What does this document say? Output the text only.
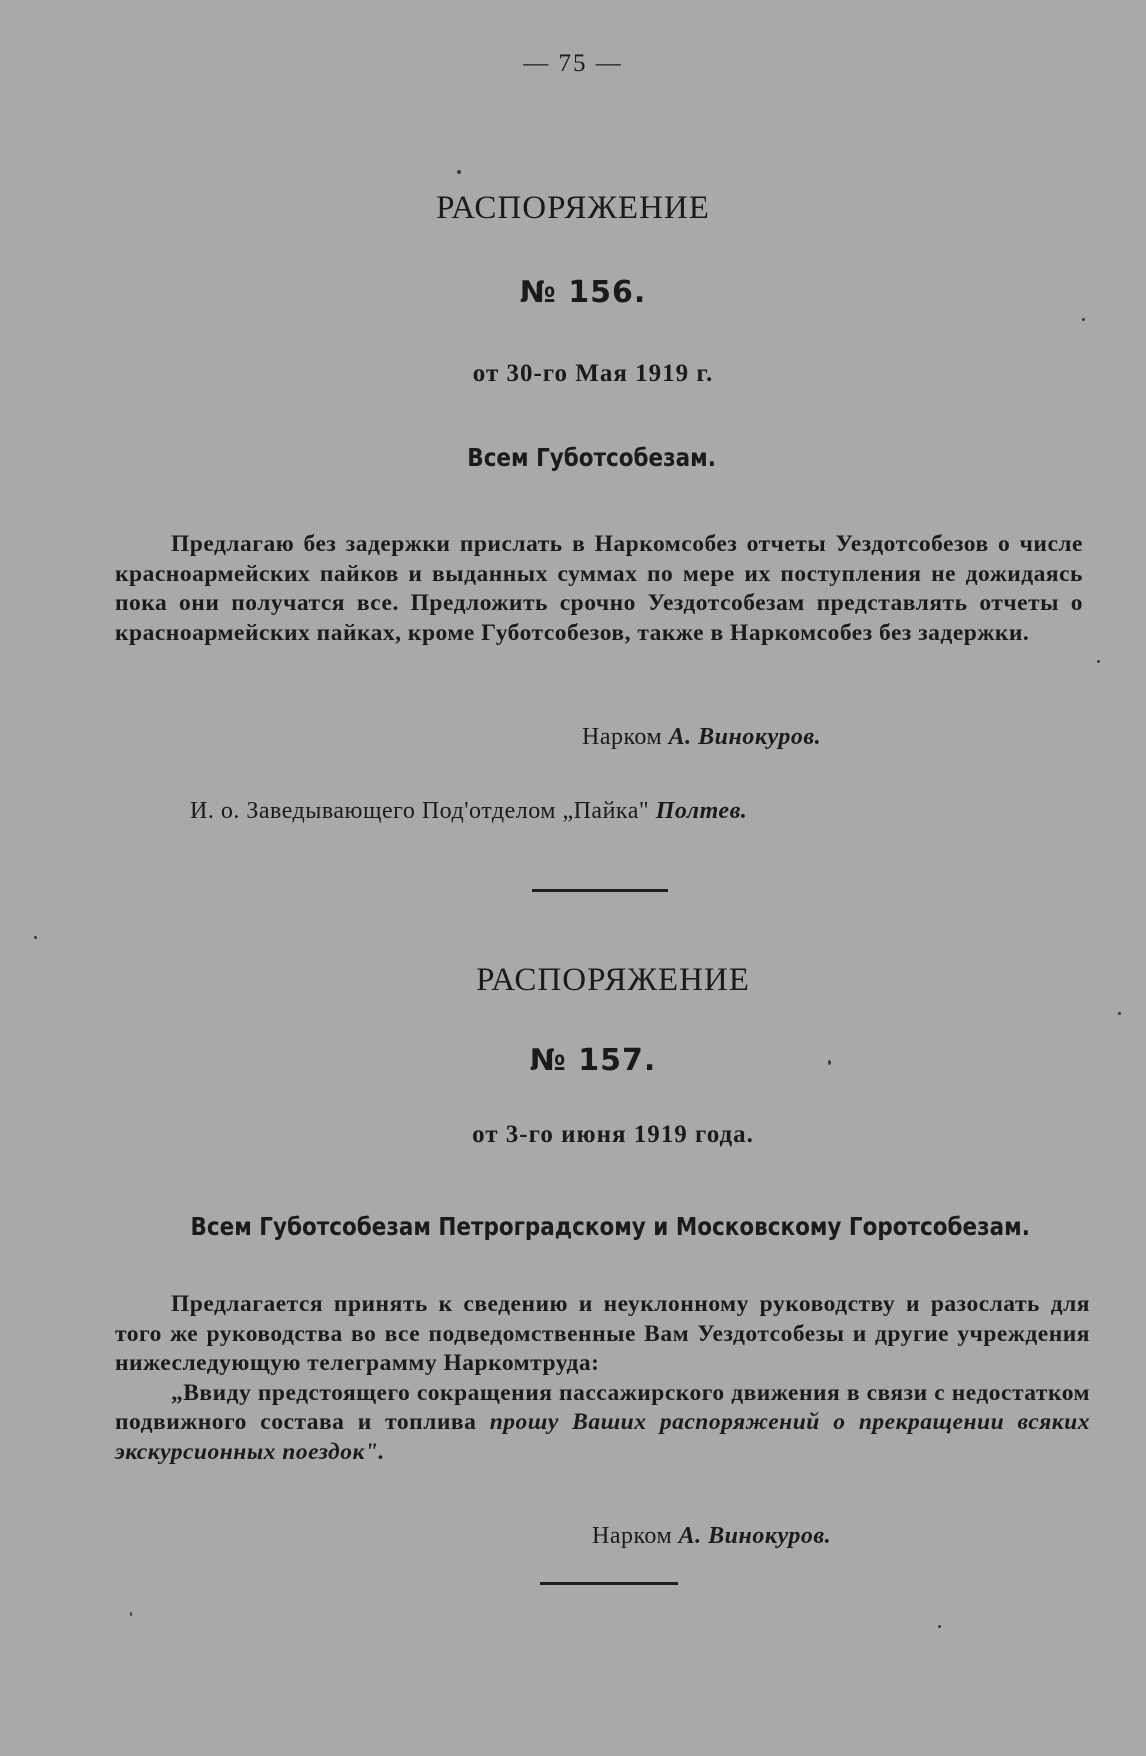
— 75 —
РАСПОРЯЖЕНИЕ
№ 156.
от 30-го Мая 1919 г.
Всем Губотсобезам.

Предлагаю без задержки прислать в Наркомсобез отчеты Уездотсобезов о числе красноармейских пайков и выданных суммах по мере их поступления не дожидаясь пока они получатся все. Предложить срочно Уездотсобезам представлять отчеты о красноармейских пайках, кроме Губотсобезов, также в Наркомсобез без задержки.

Нарком А. Винокуров.
И. о. Заведывающего Под'отделом „Пайка" Полтев.
РАСПОРЯЖЕНИЕ
№ 157.
от 3-го июня 1919 года.
Всем Губотсобезам Петроградскому и Московскому Горотсобезам.

Предлагается принять к сведению и неуклонному руководству и разослать для того же руководства во все подведомственные Вам Уездотсобезы и другие учреждения нижеследующую телеграмму Наркомтруда:

„Ввиду предстоящего сокращения пассажирского движения в связи с недостатком подвижного состава и топлива прошу Ваших распоряжений о прекращении всяких экскурсионных поездок".

Нарком А. Винокуров.
